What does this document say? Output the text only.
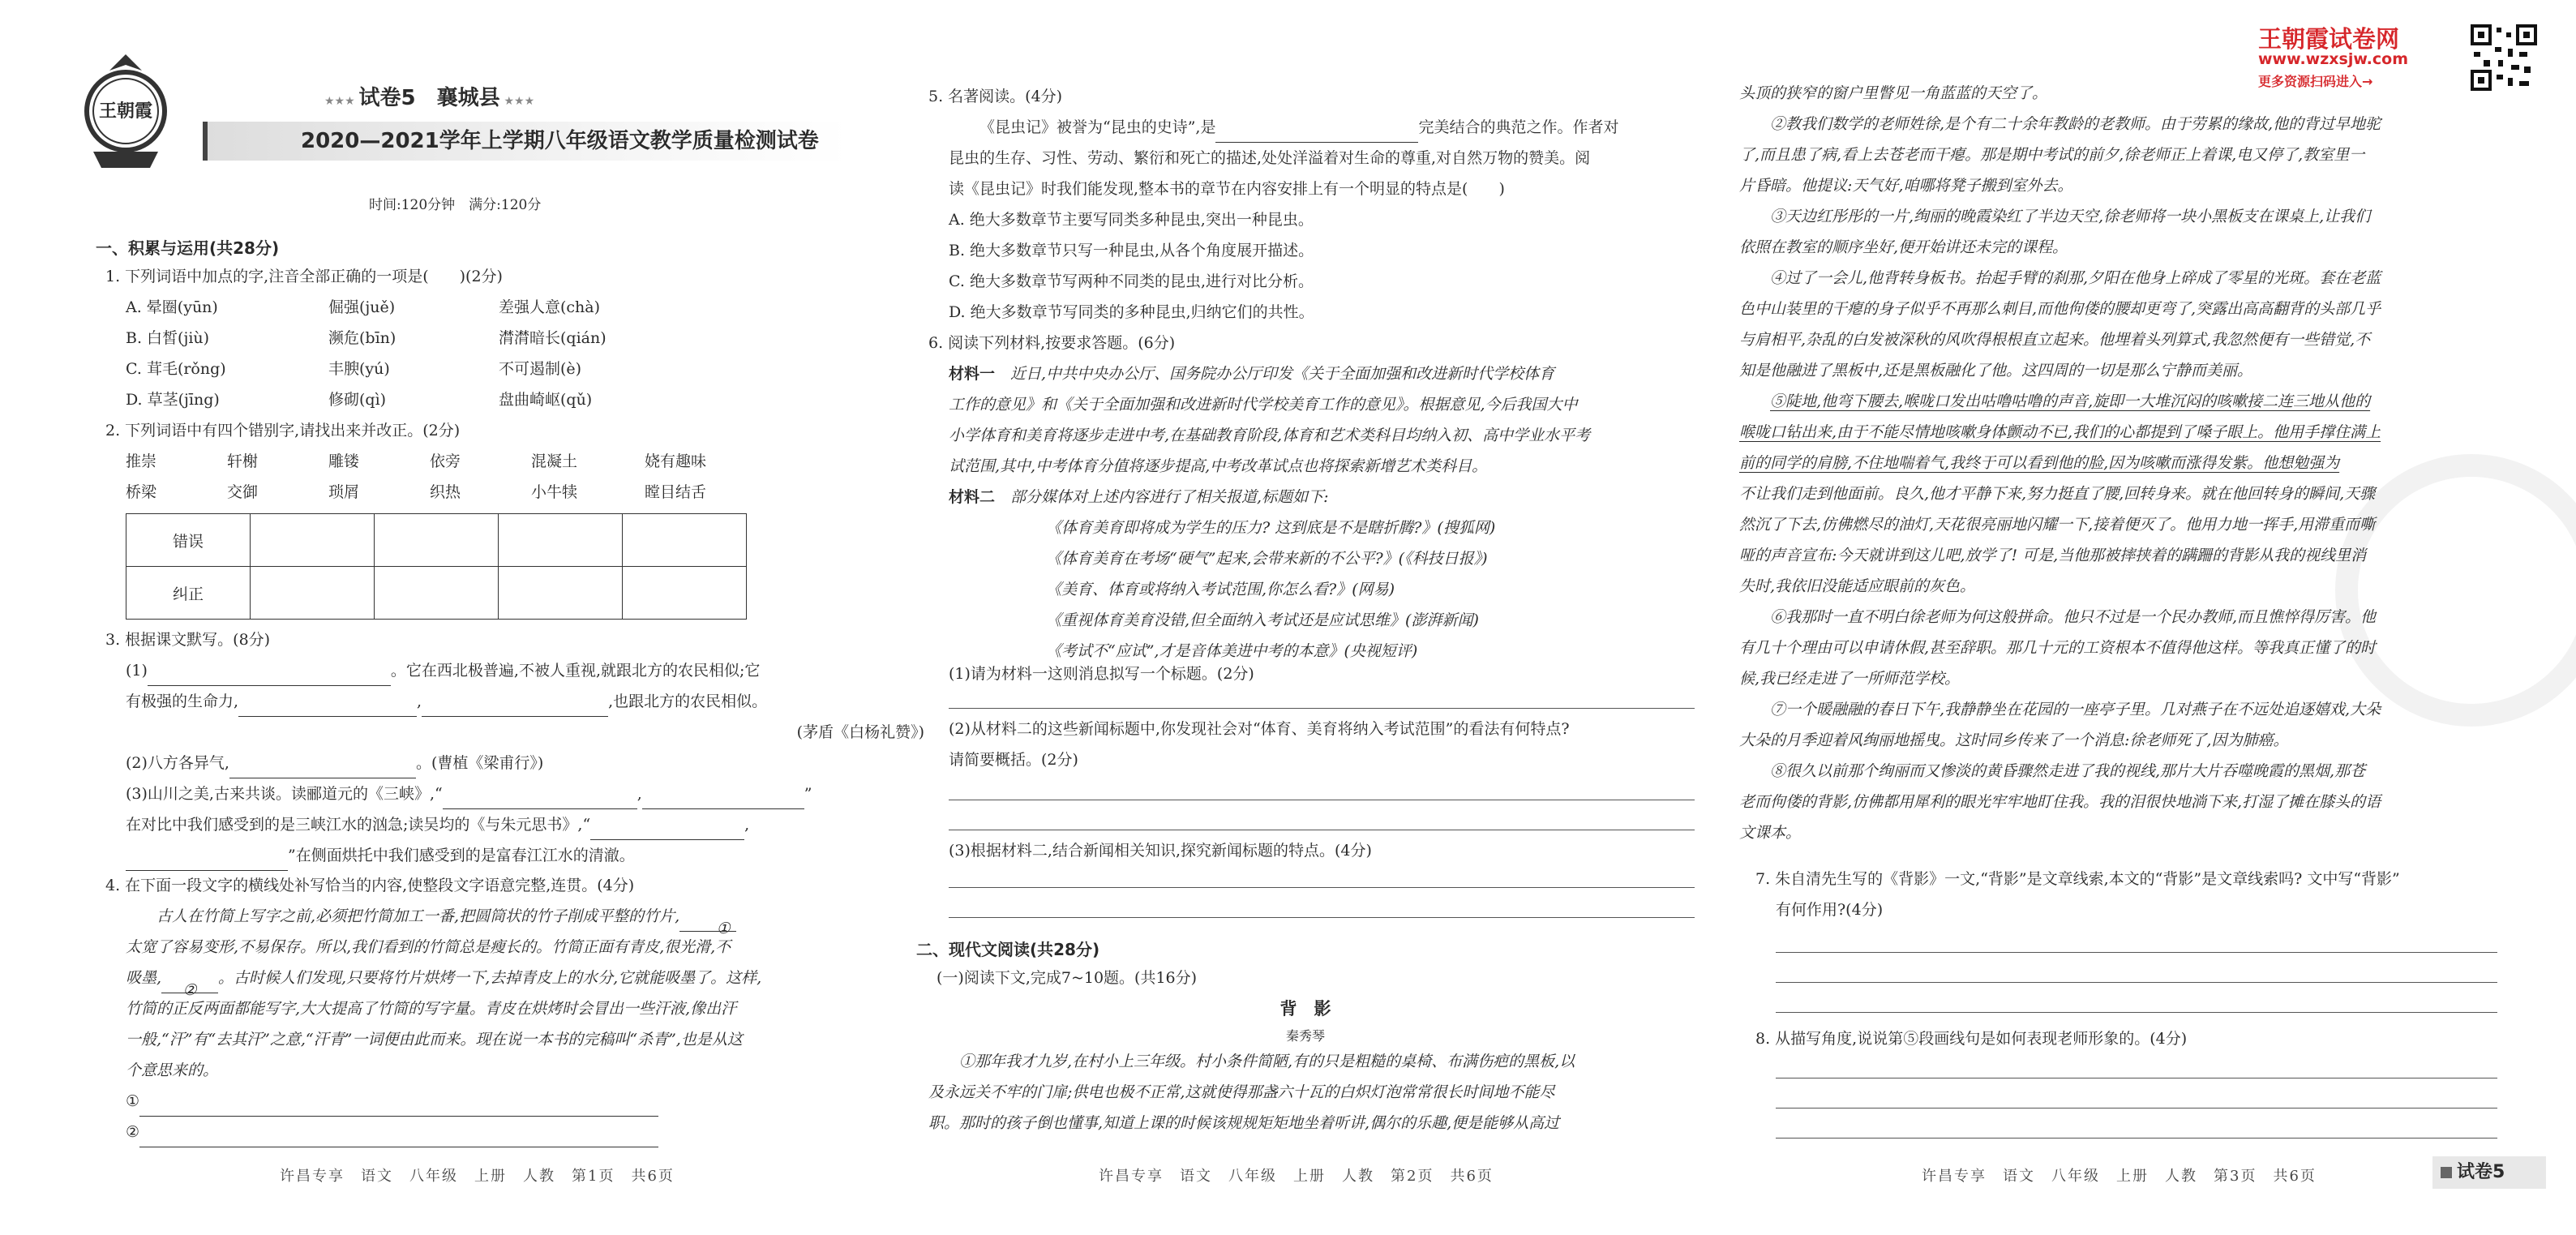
王朝霞	★★★ 试卷5　襄城县 ★★★
2020—2021学年上学期八年级语文教学质量检测试卷
时间:120分钟　满分:120分
一、积累与运用(共28分)
1. 下列词语中加点的字,注音全部正确的一项是(　　)(2分)
A. 晕圈(yūn)	倔强(juě)	差强人意(chà)
B. 白皙(jiù)	濒危(bīn)	潸潸暗长(qián)
C. 茸毛(rǒng)	丰腴(yú)	不可遏制(è)
D. 草茎(jīng)	修砌(qì)	盘曲崎岖(qǔ)
2. 下列词语中有四个错别字,请找出来并改正。(2分)
推崇	轩榭	雕镂	依旁	混凝土	娆有趣味
桥梁	交御	琐屑	织热	小牛犊	瞠目结舌
错误				
纠正				
3. 根据课文默写。(8分)
(1)	。它在西北极普遍,不被人重视,就跟北方的农民相似;它
有极强的生命力,	,	,也跟北方的农民相似。
(茅盾《白杨礼赞》)
(2)八方各异气,	。(曹植《梁甫行》)
(3)山川之美,古来共谈。读郦道元的《三峡》,“	,	”
在对比中我们感受到的是三峡江水的汹急;读吴均的《与朱元思书》,“	,
”在侧面烘托中我们感受到的是富春江江水的清澈。
4. 在下面一段文字的横线处补写恰当的内容,使整段文字语意完整,连贯。(4分)
古人在竹简上写字之前,必须把竹简加工一番,把圆筒状的竹子削成平整的竹片,①
太宽了容易变形,不易保存。所以,我们看到的竹简总是瘦长的。竹简正面有青皮,很光滑,不
吸墨,②。古时候人们发现,只要将竹片烘烤一下,去掉青皮上的水分,它就能吸墨了。这样,
竹简的正反两面都能写字,大大提高了竹简的写字量。青皮在烘烤时会冒出一些汗液,像出汗
一般,“汗”有“去其汗”之意,“汗青”一词便由此而来。现在说一本书的完稿叫“杀青”,也是从这
个意思来的。
①
②
许昌专享　语文　八年级　上册　人教　第1页　共6页
5. 名著阅读。(4分)
《昆虫记》被誉为“昆虫的史诗”,是	完美结合的典范之作。作者对
昆虫的生存、习性、劳动、繁衍和死亡的描述,处处洋溢着对生命的尊重,对自然万物的赞美。阅
读《昆虫记》时我们能发现,整本书的章节在内容安排上有一个明显的特点是(　　)
A. 绝大多数章节主要写同类多种昆虫,突出一种昆虫。
B. 绝大多数章节只写一种昆虫,从各个角度展开描述。
C. 绝大多数章节写两种不同类的昆虫,进行对比分析。
D. 绝大多数章节写同类的多种昆虫,归纳它们的共性。
6. 阅读下列材料,按要求答题。(6分)
材料一　 近日,中共中央办公厅、国务院办公厅印发《关于全面加强和改进新时代学校体育
工作的意见》和《关于全面加强和改进新时代学校美育工作的意见》。根据意见,今后我国大中
小学体育和美育将逐步走进中考,在基础教育阶段,体育和艺术类科目均纳入初、高中学业水平考
试范围,其中,中考体育分值将逐步提高,中考改革试点也将探索新增艺术类科目。
材料二　 部分媒体对上述内容进行了相关报道,标题如下:
《体育美育即将成为学生的压力? 这到底是不是瞎折腾?》(搜狐网)
《体育美育在考场“硬气”起来,会带来新的不公平?》(《科技日报》)
《美育、体育或将纳入考试范围,你怎么看?》(网易)
《重视体育美育没错,但全面纳入考试还是应试思维》(澎湃新闻)
《考试不“应试”,才是音体美进中考的本意》(央视短评)
(1)请为材料一这则消息拟写一个标题。(2分)
(2)从材料二的这些新闻标题中,你发现社会对“体育、美育将纳入考试范围”的看法有何特点?
请简要概括。(2分)
(3)根据材料二,结合新闻相关知识,探究新闻标题的特点。(4分)
二、现代文阅读(共28分)
(一)阅读下文,完成7~10题。(共16分)
背　影
秦秀琴
①那年我才九岁,在村小上三年级。村小条件简陋,有的只是粗糙的桌椅、布满伤疤的黑板,以
及永远关不牢的门扉;供电也极不正常,这就使得那盏六十瓦的白炽灯泡常常很长时间地不能尽
职。那时的孩子倒也懂事,知道上课的时候该规规矩矩地坐着听讲,偶尔的乐趣,便是能够从高过
许昌专享　语文　八年级　上册　人教　第2页　共6页
王朝霞试卷网
www.wzxsjw.com
更多资源扫码进入→
头顶的狭窄的窗户里瞥见一角蓝蓝的天空了。
②教我们数学的老师姓徐,是个有二十余年教龄的老教师。由于劳累的缘故,他的背过早地驼
了,而且患了病,看上去苍老而干瘪。那是期中考试的前夕,徐老师正上着课,电又停了,教室里一
片昏暗。他提议:天气好,咱哪将凳子搬到室外去。
③天边红彤彤的一片,绚丽的晚霞染红了半边天空,徐老师将一块小黑板支在课桌上,让我们
依照在教室的顺序坐好,便开始讲还未完的课程。
④过了一会儿,他背转身板书。抬起手臂的刹那,夕阳在他身上碎成了零星的光斑。套在老蓝
色中山装里的干瘪的身子似乎不再那么刺目,而他佝偻的腰却更弯了,突露出高高翻背的头部几乎
与肩相平,杂乱的白发被深秋的风吹得根根直立起来。他埋着头列算式,我忽然便有一些错觉,不
知是他融进了黑板中,还是黑板融化了他。这四周的一切是那么宁静而美丽。
⑤陡地,他弯下腰去,喉咙口发出咕噜咕噜的声音,旋即一大堆沉闷的咳嗽接二连三地从他的
喉咙口钻出来,由于不能尽情地咳嗽身体颤动不已,我们的心都提到了嗓子眼上。他用手撑住满上
前的同学的肩膀,不住地喘着气,我终于可以看到他的脸,因为咳嗽而涨得发紫。他想勉强为
不让我们走到他面前。良久,他才平静下来,努力挺直了腰,回转身来。就在他回转身的瞬间,天骤
然沉了下去,仿佛燃尽的油灯,天花很亮丽地闪耀一下,接着便灭了。他用力地一挥手,用滞重而嘶
哑的声音宣布:今天就讲到这儿吧,放学了! 可是,当他那被摔挟着的蹒跚的背影从我的视线里消
失时,我依旧没能适应眼前的灰色。
⑥我那时一直不明白徐老师为何这般拼命。他只不过是一个民办教师,而且憔悴得厉害。他
有几十个理由可以申请休假,甚至辞职。那几十元的工资根本不值得他这样。等我真正懂了的时
候,我已经走进了一所师范学校。
⑦一个暖融融的春日下午,我静静坐在花园的一座亭子里。几对燕子在不远处追逐嬉戏,大朵
大朵的月季迎着风绚丽地摇曳。这时同乡传来了一个消息:徐老师死了,因为肺癌。
⑧很久以前那个绚丽而又惨淡的黄昏骤然走进了我的视线,那片大片吞噬晚霞的黑烟,那苍
老而佝偻的背影,仿佛都用犀利的眼光牢牢地盯住我。我的泪很快地淌下来,打湿了摊在膝头的语
文课本。
7. 朱自清先生写的《背影》一文,“背影”是文章线索,本文的“背影”是文章线索吗? 文中写“背影”
有何作用?(4分)
8. 从描写角度,说说第⑤段画线句是如何表现老师形象的。(4分)
许昌专享　语文　八年级　上册　人教　第3页　共6页	试卷5
